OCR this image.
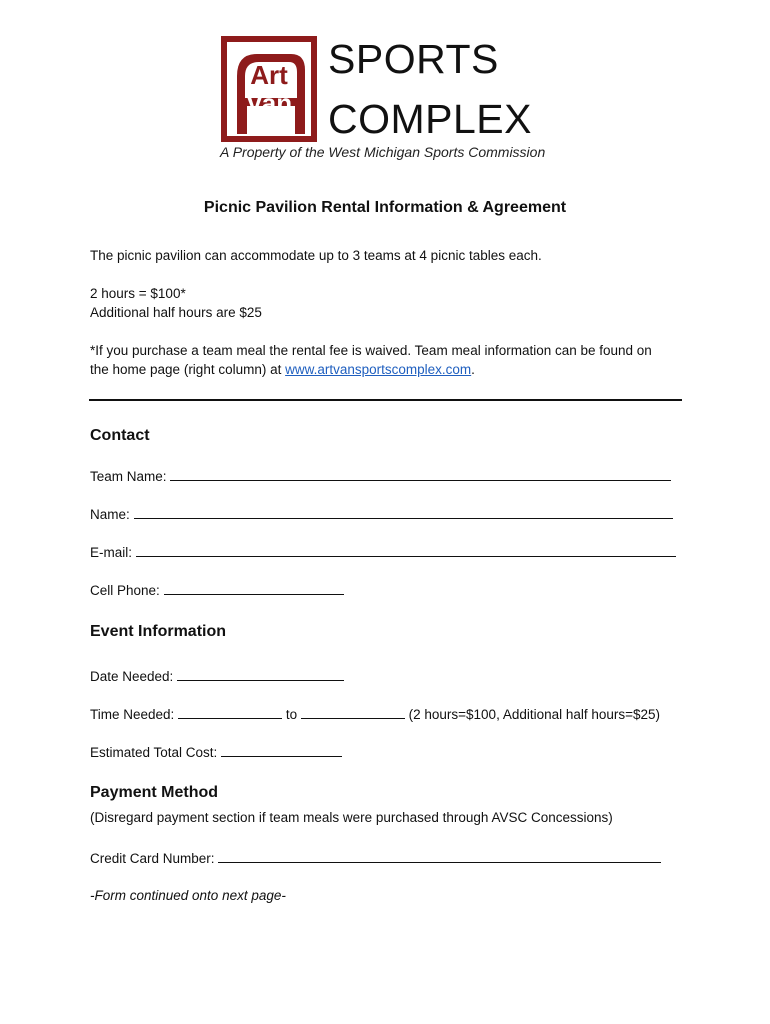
Art
Van
SPORTS
COMPLEX
A Property of the West Michigan Sports Commission
Picnic Pavilion Rental Information & Agreement
The picnic pavilion can accommodate up to 3 teams at 4 picnic tables each.
2 hours = $100*
Additional half hours are $25
*If you purchase a team meal the rental fee is waived. Team meal information can be found on
the home page (right column) at www.artvansportscomplex.com.
Contact
Team Name:
Name:
E-mail:
Cell Phone:
Event Information
Date Needed:
Time Needed:	to	(2 hours=$100, Additional half hours=$25)
Estimated Total Cost:
Payment Method
(Disregard payment section if team meals were purchased through AVSC Concessions)
Credit Card Number:
-Form continued onto next page-
